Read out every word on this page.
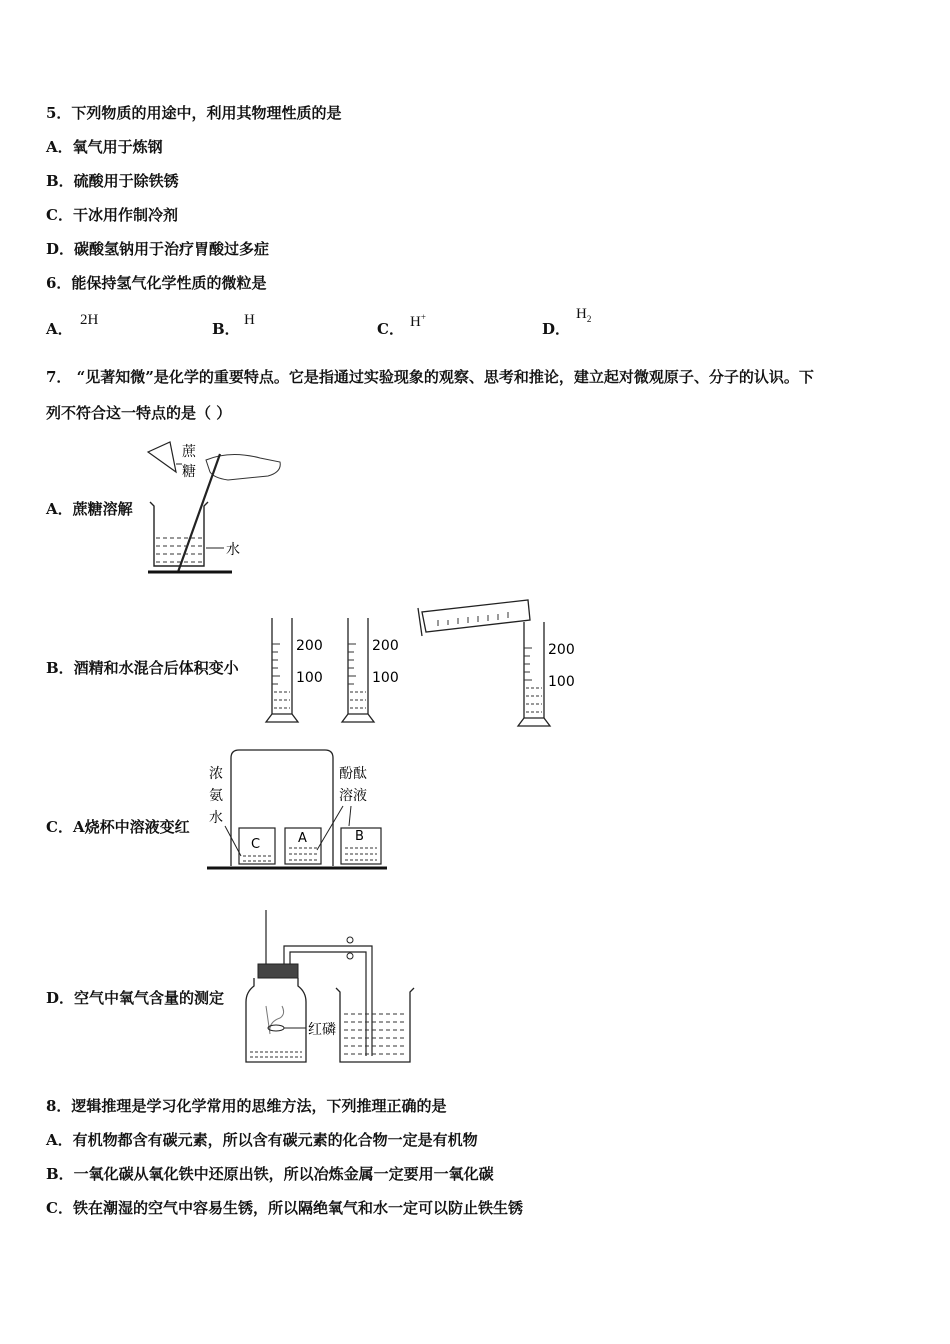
5．下列物质的用途中，利用其物理性质的是
A．氧气用于炼钢
B．硫酸用于除铁锈
C．干冰用作制冷剂
D．碳酸氢钠用于治疗胃酸过多症
6．能保持氢气化学性质的微粒是
A． 2H	B． H	C． H+
D．
$H_2$
7． “见著知微”是化学的重要特点。它是指通过实验现象的观察、思考和推论，建立起对微观原子、分子的认识。下
列不符合这一特点的是（ ）
A．蔗糖溶解
B．酒精和水混合后体积变小
C．A烧杯中溶液变红
D．空气中氧气含量的测定
蔗
糖
水
200
100
200
100
200
100
浓
氨
水
酚酞
溶液
C	A	B
红磷
8．逻辑推理是学习化学常用的思维方法，下列推理正确的是
A．有机物都含有碳元素，所以含有碳元素的化合物一定是有机物
B．一氧化碳从氧化铁中还原出铁，所以冶炼金属一定要用一氧化碳
C．铁在潮湿的空气中容易生锈，所以隔绝氧气和水一定可以防止铁生锈
